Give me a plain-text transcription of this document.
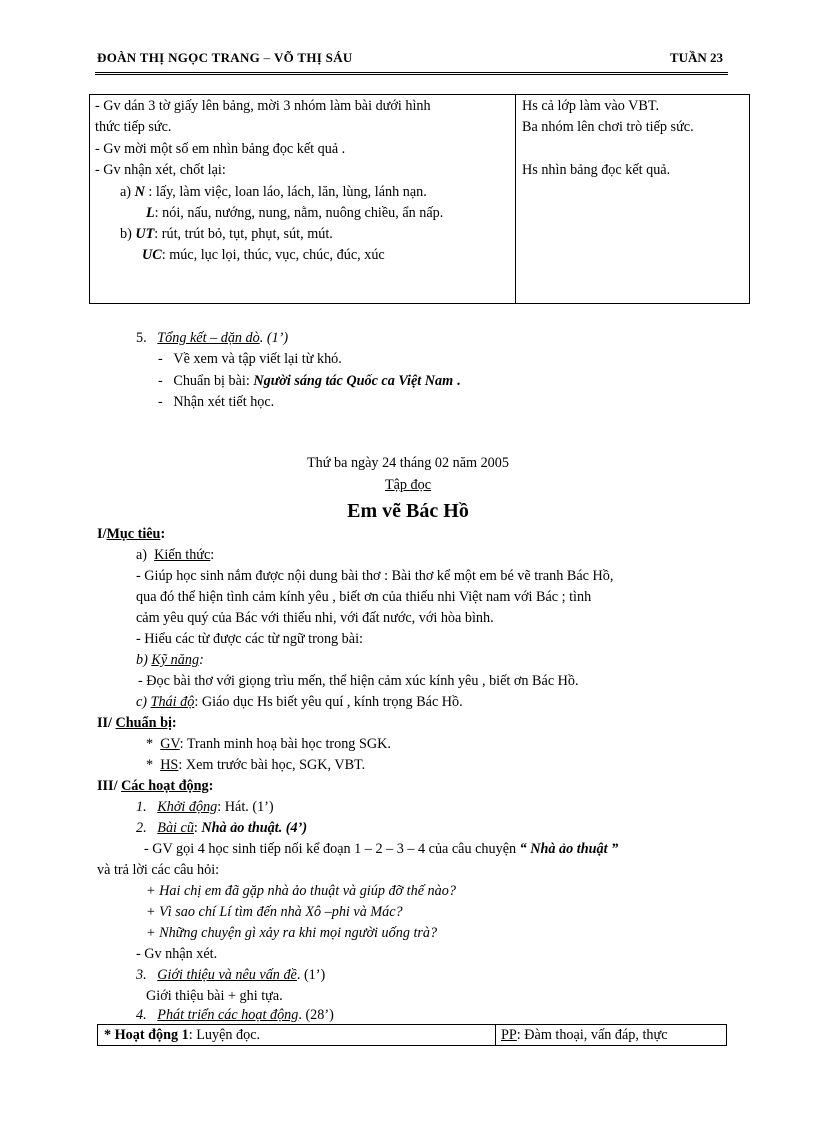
ĐOÀN THỊ NGỌC TRANG – VÕ THỊ SÁU	TUẦN 23
- Gv dán 3 tờ giấy lên bảng, mời 3 nhóm làm bài dưới hình
thức tiếp sức.
- Gv mời một số em nhìn bảng đọc kết quả .
- Gv nhận xét, chốt lại:
a) N : lấy, làm việc, loan láo, lách, lăn, lùng, lánh nạn.
L: nói, nấu, nướng, nung, nằm, nuông chiều, ẩn nấp.
b) UT: rút, trút bỏ, tụt, phụt, sút, mút.
UC: múc, lục lọi, thúc, vục, chúc, đúc, xúc
Hs cả lớp làm vào VBT.
Ba nhóm lên chơi trò tiếp sức.
Hs nhìn bảng đọc kết quả.
5. Tổng kết – dặn dò. (1’)
-   Về xem và tập viết lại từ khó.
-   Chuẩn bị bài: Người sáng tác Quốc ca Việt Nam .
-   Nhận xét tiết học.
Thứ ba ngày 24 tháng 02 năm 2005
Tập đọc
Em vẽ Bác Hồ
I/Mục tiêu:
a) Kiến thức:
- Giúp học sinh nắm được nội dung bài thơ : Bài thơ kể một em bé vẽ tranh Bác Hồ,
qua đó thể hiện tình cảm kính yêu , biết ơn của thiếu nhi Việt nam với Bác ; tình
cảm yêu quý của Bác với thiếu nhi, với đất nước, với hòa bình.
- Hiểu các từ được các từ ngữ trong bài:
b) Kỹ năng:
- Đọc bài thơ với giọng trìu mến, thể hiện cảm xúc kính yêu , biết ơn Bác Hồ.
c) Thái độ: Giáo dục Hs biết yêu quí , kính trọng Bác Hồ.
II/ Chuẩn bị:
*  GV: Tranh minh hoạ bài học trong SGK.
*  HS: Xem trước bài học, SGK, VBT.
III/ Các hoạt động:
1. Khởi động: Hát. (1’)
2. Bài cũ: Nhà ảo thuật. (4’)
- GV gọi 4 học sinh tiếp nối kể đoạn 1 – 2 – 3 – 4 của câu chuyện “ Nhà ảo thuật ”
và trả lời các câu hỏi:
+ Hai chị em đã gặp nhà ảo thuật và giúp đỡ thế nào?
+ Vì sao chí Lí tìm đến nhà Xô –phi và Mác?
+ Những chuyện gì xảy ra khi mọi người uống trà?
- Gv nhận xét.
3. Giới thiệu và nêu vấn đề. (1’)
Giới thiệu bài + ghi tựa.
4. Phát triển các hoạt động. (28’)
* Hoạt động 1: Luyện đọc.	PP: Đàm thoại, vấn đáp, thực
